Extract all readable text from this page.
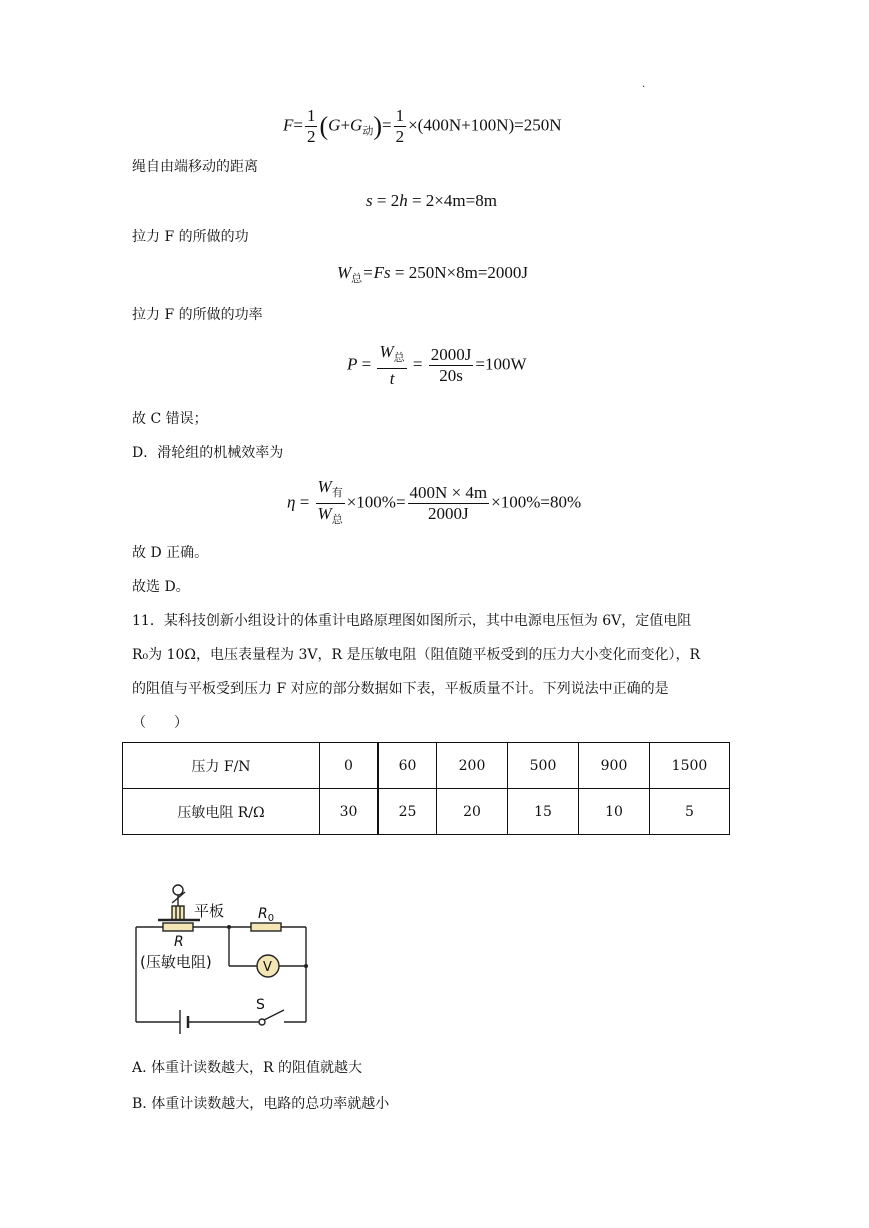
·
$F= \frac{1}{2} (G+G_动)= \frac{1}{2} \times(400N+100N)=250N$
绳自由端移动的距离
s = 2h = 2×4m=8m
拉力 F 的所做的功
$W_总=Fs = 250N\times 8m=2000J$
拉力 F 的所做的功率
$P = \frac{W_总}{t} = \frac{2000J}{20s} =100W$
故 C 错误；
D．滑轮组的机械效率为
$\eta = \frac{W_有}{W_总} \times 100\%= \frac{400N \times 4m}{2000J} \times 100\%=80\%$
故 D 正确。
故选 D。
11．某科技创新小组设计的体重计电路原理图如图所示，其中电源电压恒为 6V，定值电阻
R₀为 10Ω，电压表量程为 3V，R 是压敏电阻（阻值随平板受到的压力大小变化而变化），R
的阻值与平板受到压力 F 对应的部分数据如下表，平板质量不计。下列说法中正确的是
（　　）
压力 F/N	0	60	200	500	900	1500
压敏电阻 R/Ω	30	25	20	15	10	5
平板 $R_0$
R
(压敏电阻)	V
S
A. 体重计读数越大，R 的阻值就越大
B. 体重计读数越大，电路的总功率就越小
